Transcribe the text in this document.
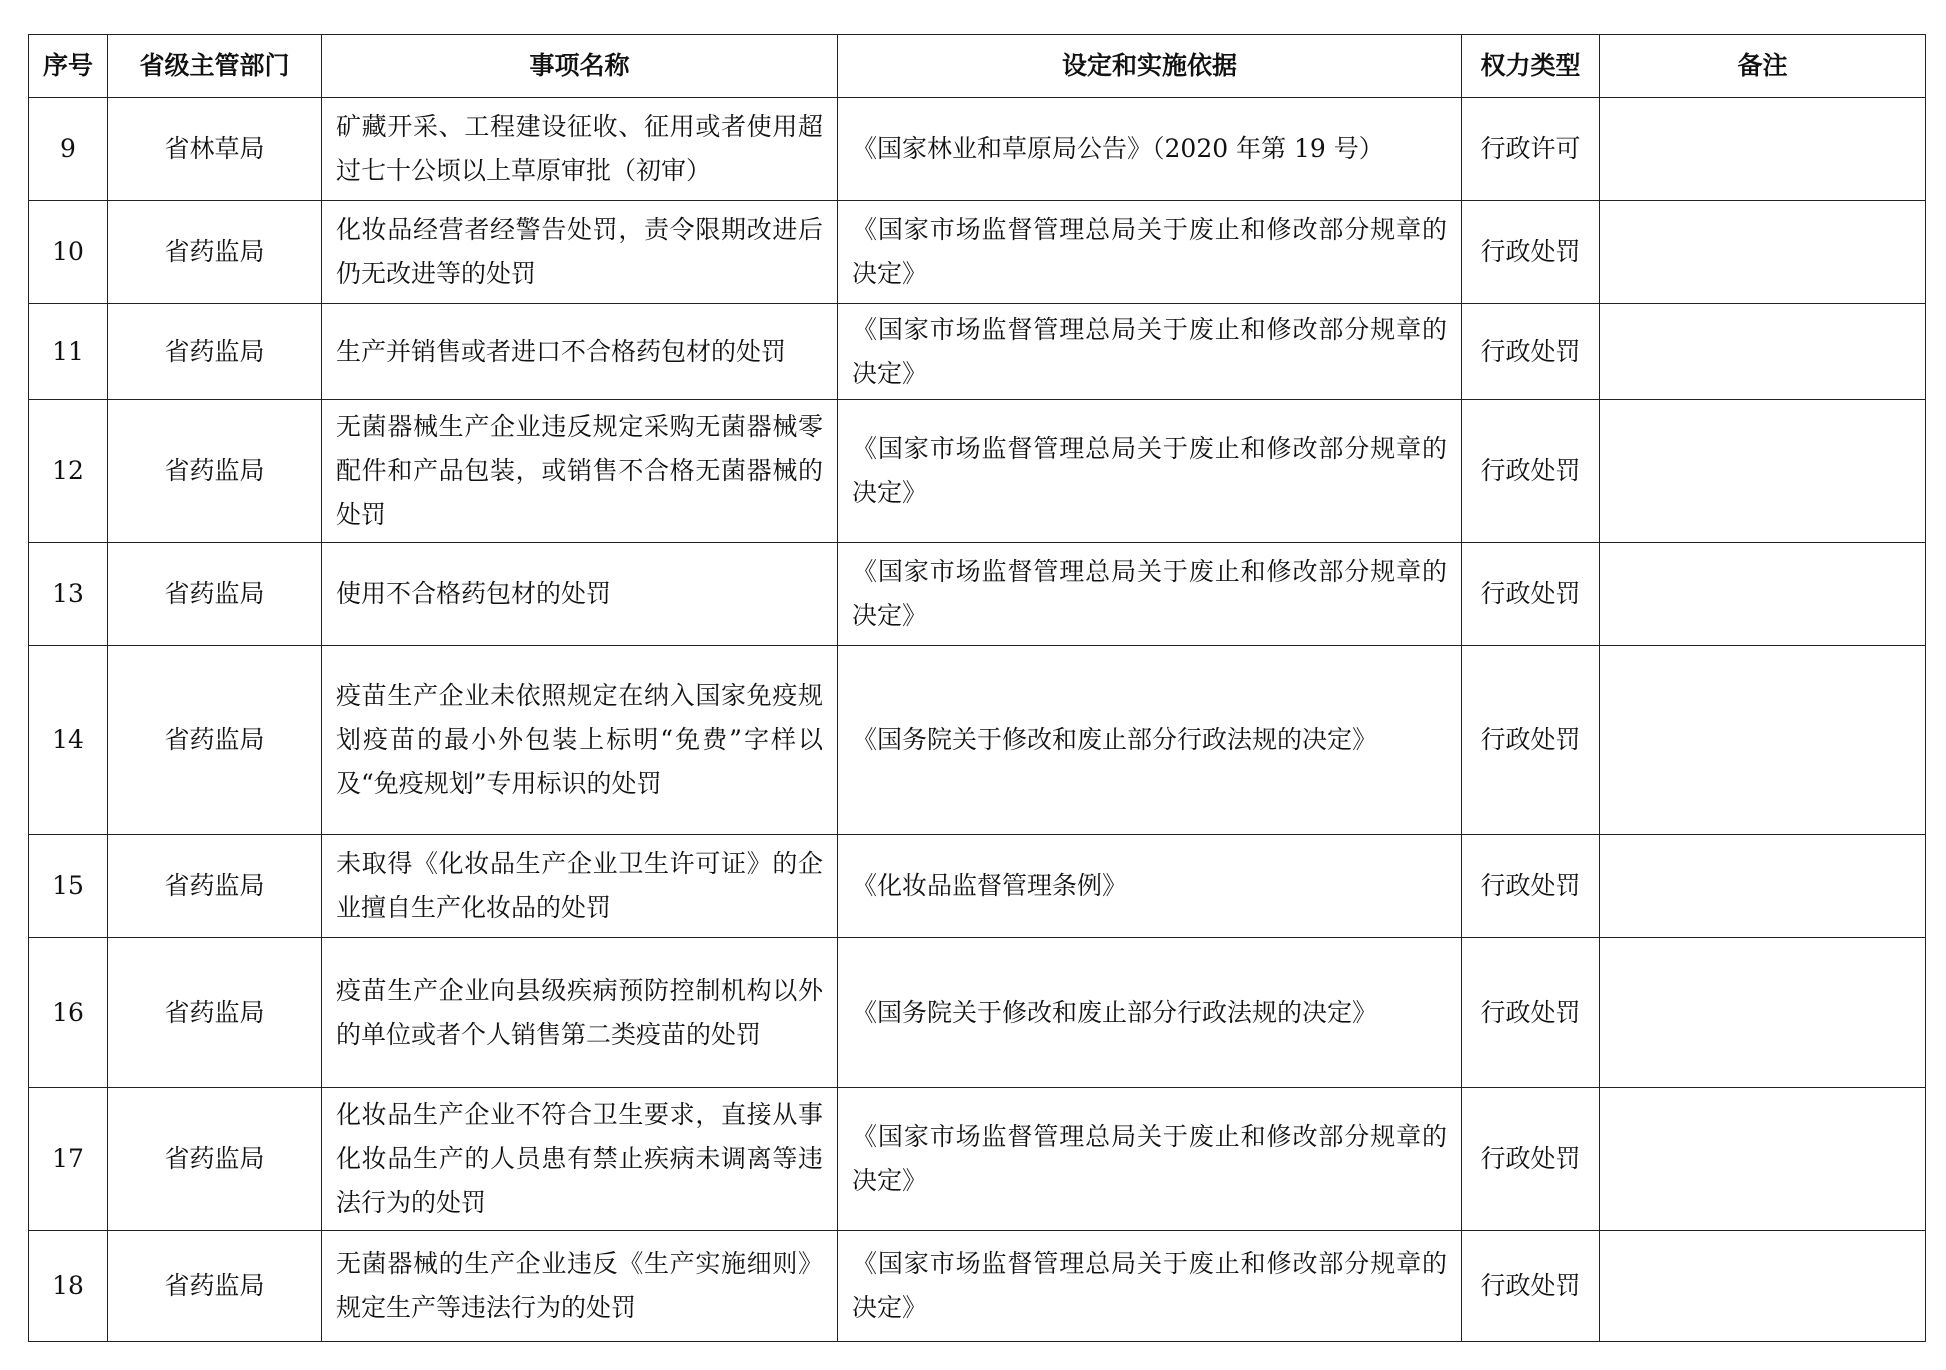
序号	省级主管部门	事项名称	设定和实施依据	权力类型	备注
9	省林草局	矿藏开采、工程建设征收、征用或者使用超过七十公顷以上草原审批（初审）	《国家林业和草原局公告》（2020 年第 19 号）	行政许可	
10	省药监局	化妆品经营者经警告处罚，责令限期改进后仍无改进等的处罚	《国家市场监督管理总局关于废止和修改部分规章的决定》	行政处罚	
11	省药监局	生产并销售或者进口不合格药包材的处罚	《国家市场监督管理总局关于废止和修改部分规章的决定》	行政处罚	
12	省药监局	无菌器械生产企业违反规定采购无菌器械零配件和产品包装，或销售不合格无菌器械的处罚	《国家市场监督管理总局关于废止和修改部分规章的决定》	行政处罚	
13	省药监局	使用不合格药包材的处罚	《国家市场监督管理总局关于废止和修改部分规章的决定》	行政处罚	
14	省药监局	疫苗生产企业未依照规定在纳入国家免疫规划疫苗的最小外包装上标明“免费”字样以及“免疫规划”专用标识的处罚	《国务院关于修改和废止部分行政法规的决定》	行政处罚	
15	省药监局	未取得《化妆品生产企业卫生许可证》的企业擅自生产化妆品的处罚	《化妆品监督管理条例》	行政处罚	
16	省药监局	疫苗生产企业向县级疾病预防控制机构以外的单位或者个人销售第二类疫苗的处罚	《国务院关于修改和废止部分行政法规的决定》	行政处罚	
17	省药监局	化妆品生产企业不符合卫生要求，直接从事化妆品生产的人员患有禁止疾病未调离等违法行为的处罚	《国家市场监督管理总局关于废止和修改部分规章的决定》	行政处罚	
18	省药监局	无菌器械的生产企业违反《生产实施细则》规定生产等违法行为的处罚	《国家市场监督管理总局关于废止和修改部分规章的决定》	行政处罚	
